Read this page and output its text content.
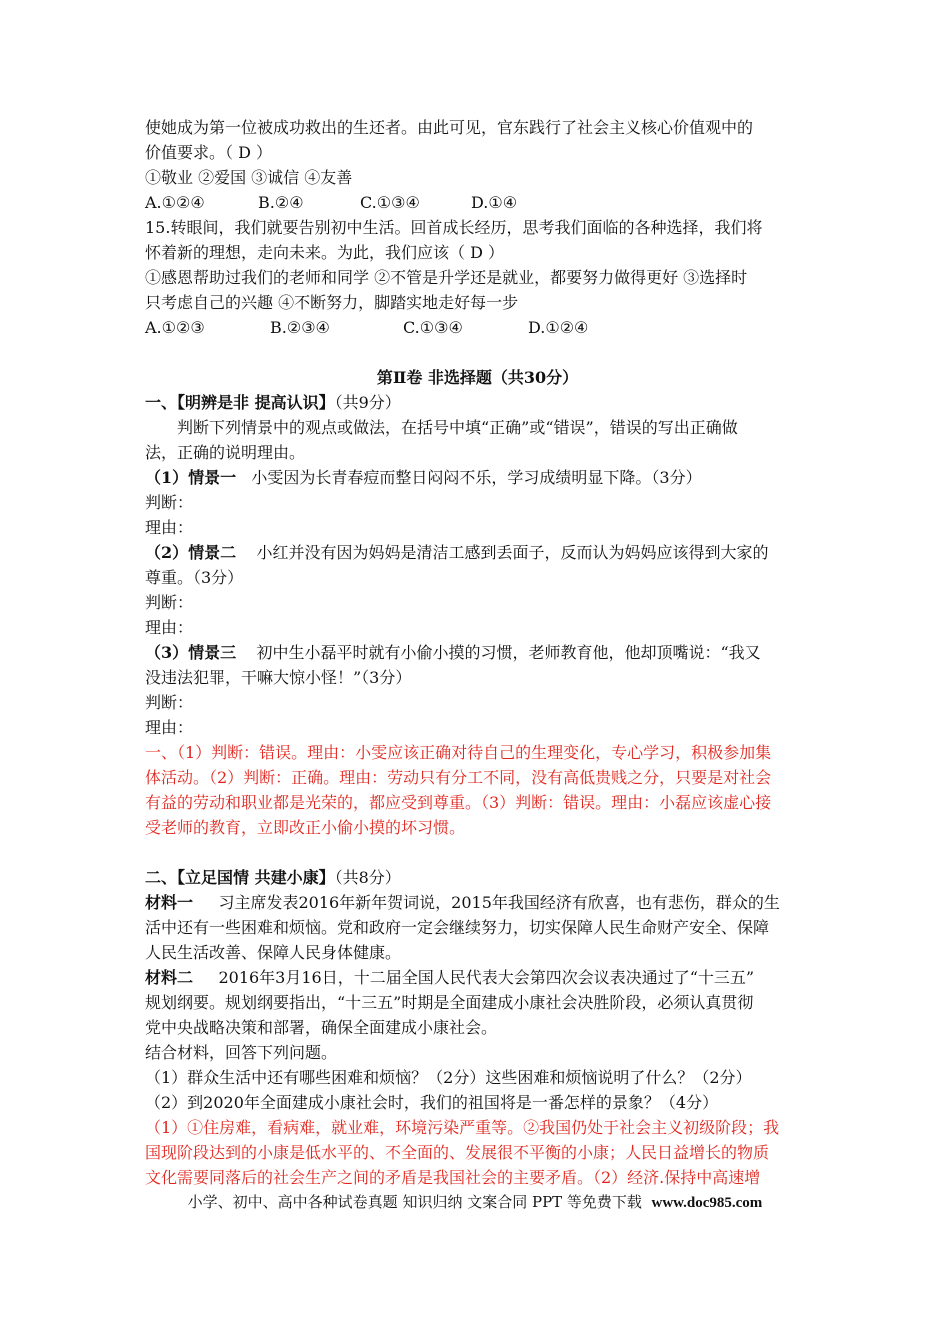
使她成为第一位被成功救出的生还者。由此可见，官东践行了社会主义核心价值观中的
价值要求。（ D ）
①敬业 ②爱国 ③诚信 ④友善
A.①②④	B.②④	C.①③④	D.①④
15.转眼间，我们就要告别初中生活。回首成长经历，思考我们面临的各种选择，我们将
怀着新的理想，走向未来。为此，我们应该（ D ）
①感恩帮助过我们的老师和同学 ②不管是升学还是就业，都要努力做得更好 ③选择时
只考虑自己的兴趣 ④不断努力，脚踏实地走好每一步
A.①②③	B.②③④	C.①③④	D.①②④
第Ⅱ卷 非选择题（共30分）
一、【明辨是非 提高认识】（共9分）
判断下列情景中的观点或做法，在括号中填“正确”或“错误”，错误的写出正确做
法，正确的说明理由。
（1）情景一 小雯因为长青春痘而整日闷闷不乐，学习成绩明显下降。（3分）
判断：
理由：
（2）情景二 小红并没有因为妈妈是清洁工感到丢面子，反而认为妈妈应该得到大家的
尊重。（3分）
判断：
理由：
（3）情景三 初中生小磊平时就有小偷小摸的习惯，老师教育他，他却顶嘴说：“我又
没违法犯罪，干嘛大惊小怪！”（3分）
判断：
理由：
一、（1）判断：错误。理由：小雯应该正确对待自己的生理变化，专心学习，积极参加集
体活动。（2）判断：正确。理由：劳动只有分工不同，没有高低贵贱之分，只要是对社会
有益的劳动和职业都是光荣的，都应受到尊重。（3）判断：错误。理由：小磊应该虚心接
受老师的教育，立即改正小偷小摸的坏习惯。
二、【立足国情 共建小康】（共8分）
材料一 习主席发表2016年新年贺词说，2015年我国经济有欣喜，也有悲伤，群众的生
活中还有一些困难和烦恼。党和政府一定会继续努力，切实保障人民生命财产安全、保障
人民生活改善、保障人民身体健康。
材料二 2016年3月16日，十二届全国人民代表大会第四次会议表决通过了“十三五”
规划纲要。规划纲要指出，“十三五”时期是全面建成小康社会决胜阶段，必须认真贯彻
党中央战略决策和部署，确保全面建成小康社会。
结合材料，回答下列问题。
（1）群众生活中还有哪些困难和烦恼？（2分）这些困难和烦恼说明了什么？（2分）
（2）到2020年全面建成小康社会时，我们的祖国将是一番怎样的景象？（4分）
（1）①住房难，看病难，就业难，环境污染严重等。②我国仍处于社会主义初级阶段；我
国现阶段达到的小康是低水平的、不全面的、发展很不平衡的小康；人民日益增长的物质
文化需要同落后的社会生产之间的矛盾是我国社会的主要矛盾。（2）经济.保持中高速增
小学、初中、高中各种试卷真题 知识归纳 文案合同 PPT 等免费下载 www.doc985.com
